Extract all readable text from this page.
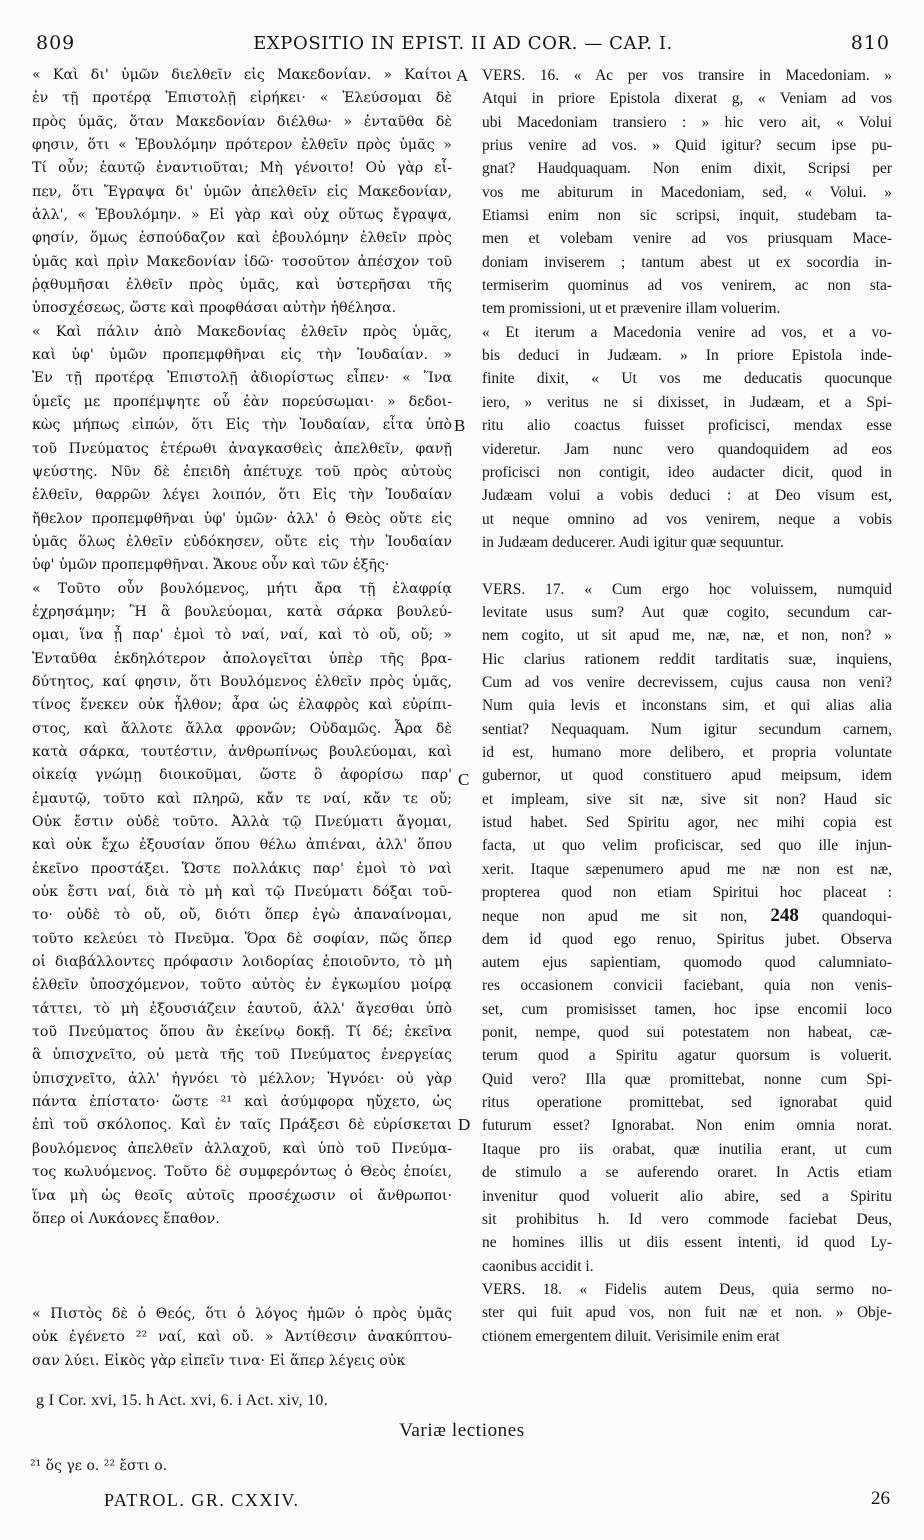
809	EXPOSITIO IN EPIST. II AD COR. — CAP. I.	810
« Καὶ δι' ὑμῶν διελθεῖν εἰς Μακεδονίαν. » Καίτοι
ἐν τῇ προτέρᾳ Ἐπιστολῇ εἰρήκει· « Ἐλεύσομαι δὲ
πρὸς ὑμᾶς, ὅταν Μακεδονίαν διέλθω· » ἐνταῦθα δὲ
φησιν, ὅτι « Ἐβουλόμην πρότερον ἐλθεῖν πρὸς ὑμᾶς »
Τί οὖν; ἑαυτῷ ἐναντιοῦται; Μὴ γένοιτο! Οὐ γὰρ εἶ-
πεν, ὅτι Ἔγραψα δι' ὑμῶν ἀπελθεῖν εἰς Μακεδονίαν,
ἀλλ', « Ἐβουλόμην. » Εἰ γὰρ καὶ οὐχ οὕτως ἔγραψα,
φησίν, ὅμως ἐσπούδαζον καὶ ἐβουλόμην ἐλθεῖν πρὸς
ὑμᾶς καὶ πρὶν Μακεδονίαν ἰδῶ· τοσοῦτον ἀπέσχον τοῦ
ῥᾳθυμῆσαι ἐλθεῖν πρὸς ὑμᾶς, καὶ ὑστερῆσαι τῆς
ὑποσχέσεως, ὥστε καὶ προφθάσαι αὐτὴν ἠθέλησα.
« Καὶ πάλιν ἀπὸ Μακεδονίας ἐλθεῖν πρὸς ὑμᾶς,
καὶ ὑφ' ὑμῶν προπεμφθῆναι εἰς τὴν Ἰουδαίαν. »
Ἐν τῇ προτέρᾳ Ἐπιστολῇ ἀδιορίστως εἶπεν· « Ἵνα
ὑμεῖς με προπέμψητε οὗ ἐὰν πορεύσωμαι· » δεδοι-
κὼς μήπως εἰπών, ὅτι Εἰς τὴν Ἰουδαίαν, εἶτα ὑπὸ
τοῦ Πνεύματος ἑτέρωθι ἀναγκασθεὶς ἀπελθεῖν, φανῇ
ψεύστης. Νῦν δὲ ἐπειδὴ ἀπέτυχε τοῦ πρὸς αὐτοὺς
ἐλθεῖν, θαρρῶν λέγει λοιπόν, ὅτι Εἰς τὴν Ἰουδαίαν
ἤθελον προπεμφθῆναι ὑφ' ὑμῶν· ἀλλ' ὁ Θεὸς οὔτε εἰς
ὑμᾶς ὅλως ἐλθεῖν εὐδόκησεν, οὔτε εἰς τὴν Ἰουδαίαν
ὑφ' ὑμῶν προπεμφθῆναι. Ἄκουε οὖν καὶ τῶν ἑξῆς·
« Τοῦτο οὖν βουλόμενος, μήτι ἄρα τῇ ἐλαφρίᾳ
ἐχρησάμην; Ἢ ἃ βουλεύομαι, κατὰ σάρκα βουλεύ-
ομαι, ἵνα ᾖ παρ' ἐμοὶ τὸ ναί, ναί, καὶ τὸ οὔ, οὔ; »
Ἐνταῦθα ἐκδηλότερον ἀπολογεῖται ὑπὲρ τῆς βρα-
δύτητος, καί φησιν, ὅτι Βουλόμενος ἐλθεῖν πρὸς ὑμᾶς,
τίνος ἕνεκεν οὐκ ἦλθον; ἆρα ὡς ἐλαφρὸς καὶ εὐρίπι-
στος, καὶ ἄλλοτε ἄλλα φρονῶν; Οὐδαμῶς. Ἆρα δὲ
κατὰ σάρκα, τουτέστιν, ἀνθρωπίνως βουλεύομαι, καὶ
οἰκείᾳ γνώμῃ διοικοῦμαι, ὥστε ὃ ἀφορίσω παρ'
ἐμαυτῷ, τοῦτο καὶ πληρῶ, κἄν τε ναί, κἄν τε οὔ;
Οὐκ ἔστιν οὐδὲ τοῦτο. Ἀλλὰ τῷ Πνεύματι ἄγομαι,
καὶ οὐκ ἔχω ἐξουσίαν ὅπου θέλω ἀπιέναι, ἀλλ' ὅπου
ἐκεῖνο προστάξει. Ὥστε πολλάκις παρ' ἐμοὶ τὸ ναὶ
οὐκ ἔστι ναί, διὰ τὸ μὴ καὶ τῷ Πνεύματι δόξαι τοῦ-
το· οὐδὲ τὸ οὔ, οὔ, διότι ὅπερ ἐγὼ ἀπαναίνομαι,
τοῦτο κελεύει τὸ Πνεῦμα. Ὅρα δὲ σοφίαν, πῶς ὅπερ
οἱ διαβάλλοντες πρόφασιν λοιδορίας ἐποιοῦντο, τὸ μὴ
ἐλθεῖν ὑποσχόμενον, τοῦτο αὐτὸς ἐν ἐγκωμίου μοίρᾳ
τάττει, τὸ μὴ ἐξουσιάζειν ἑαυτοῦ, ἀλλ' ἄγεσθαι ὑπὸ
τοῦ Πνεύματος ὅπου ἂν ἐκείνῳ δοκῇ. Τί δέ; ἐκεῖνα
ἃ ὑπισχνεῖτο, οὐ μετὰ τῆς τοῦ Πνεύματος ἐνεργείας
ὑπισχνεῖτο, ἀλλ' ἠγνόει τὸ μέλλον; Ἠγνόει· οὐ γὰρ
πάντα ἐπίστατο· ὥστε ²¹ καὶ ἀσύμφορα ηὔχετο, ὡς
ἐπὶ τοῦ σκόλοπος. Καὶ ἐν ταῖς Πράξεσι δὲ εὑρίσκεται
βουλόμενος ἀπελθεῖν ἀλλαχοῦ, καὶ ὑπὸ τοῦ Πνεύμα-
τος κωλυόμενος. Τοῦτο δὲ συμφερόντως ὁ Θεὸς ἐποίει,
ἵνα μὴ ὡς θεοῖς αὐτοῖς προσέχωσιν οἱ ἄνθρωποι·
ὅπερ οἱ Λυκάονες ἔπαθον.
VERS. 16. « Ac per vos transire in Macedoniam. »
Atqui in priore Epistola dixerat g, « Veniam ad vos
ubi Macedoniam transiero : » hic vero ait, « Volui
prius venire ad vos. » Quid igitur? secum ipse pu-
gnat? Haudquaquam. Non enim dixit, Scripsi per
vos me abiturum in Macedoniam, sed, « Volui. »
Etiamsi enim non sic scripsi, inquit, studebam ta-
men et volebam venire ad vos priusquam Mace-
doniam inviserem ; tantum abest ut ex socordia in-
termiserim quominus ad vos venirem, ac non sta-
tem promissioni, ut et prævenire illam voluerim.
« Et iterum a Macedonia venire ad vos, et a vo-
bis deduci in Judæam. » In priore Epistola inde-
finite dixit, « Ut vos me deducatis quocunque
iero, » veritus ne si dixisset, in Judæam, et a Spi-
ritu alio coactus fuisset proficisci, mendax esse
videretur. Jam nunc vero quandoquidem ad eos
proficisci non contigit, ideo audacter dicit, quod in
Judæam volui a vobis deduci : at Deo visum est,
ut neque omnino ad vos venirem, neque a vobis
in Judæam deducerer. Audi igitur quæ sequuntur.

VERS. 17. « Cum ergo hoc voluissem, numquid
levitate usus sum? Aut quæ cogito, secundum car-
nem cogito, ut sit apud me, næ, næ, et non, non? »
Hic clarius rationem reddit tarditatis suæ, inquiens,
Cum ad vos venire decrevissem, cujus causa non veni?
Num quia levis et inconstans sim, et qui alias alia
sentiat? Nequaquam. Num igitur secundum carnem,
id est, humano more delibero, et propria voluntate
gubernor, ut quod constituero apud meipsum, idem
et impleam, sive sit næ, sive sit non? Haud sic
istud habet. Sed Spiritu agor, nec mihi copia est
facta, ut quo velim proficiscar, sed quo ille injun-
xerit. Itaque sæpenumero apud me næ non est næ,
propterea quod non etiam Spiritui hoc placeat :
neque non apud me sit non, 248 quandoqui-
dem id quod ego renuo, Spiritus jubet. Observa
autem ejus sapientiam, quomodo quod calumniato-
res occasionem convicii faciebant, quia non venis-
set, cum promisisset tamen, hoc ipse encomii loco
ponit, nempe, quod sui potestatem non habeat, cæ-
terum quod a Spiritu agatur quorsum is voluerit.
Quid vero? Illa quæ promittebat, nonne cum Spi-
ritus operatione promittebat, sed ignorabat quid
futurum esset? Ignorabat. Non enim omnia norat.
Itaque pro iis orabat, quæ inutilia erant, ut cum
de stimulo a se auferendo oraret. In Actis etiam
invenitur quod voluerit alio abire, sed a Spiritu
sit prohibitus h. Id vero commode faciebat Deus,
ne homines illis ut diis essent intenti, id quod Ly-
caonibus accidit i.
VERS. 18. « Fidelis autem Deus, quia sermo no-
ster qui fuit apud vos, non fuit næ et non. » Obje-
ctionem emergentem diluit. Verisimile enim erat
« Πιστὸς δὲ ὁ Θεός, ὅτι ὁ λόγος ἡμῶν ὁ πρὸς ὑμᾶς
οὐκ ἐγένετο ²² ναί, καὶ οὔ. » Ἀντίθεσιν ἀνακύπτου-
σαν λύει. Εἰκὸς γὰρ εἰπεῖν τινα· Εἰ ἅπερ λέγεις οὐκ
A
B
C
D
g I Cor. xvi, 15. h Act. xvi, 6. i Act. xiv, 10.
Variæ lectiones
²¹ ὅς γε ο. ²² ἔστι ο.
PATROL. GR. CXXIV.	26
